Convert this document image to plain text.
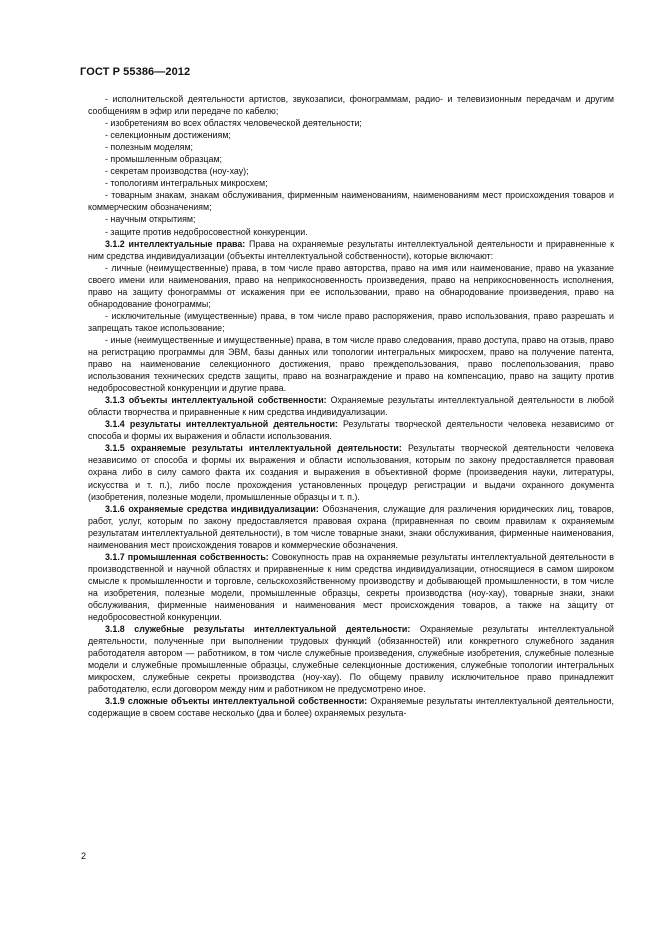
ГОСТ Р 55386—2012

- исполнительской деятельности артистов, звукозаписи, фонограммам, радио- и телевизионным передачам и другим сообщениям в эфир или передаче по кабелю;

- изобретениям во всех областях человеческой деятельности;

- селекционным достижениям;

- полезным моделям;

- промышленным образцам;

- секретам производства (ноу-хау);

- топологиям интегральных микросхем;

- товарным знакам, знакам обслуживания, фирменным наименованиям, наименованиям мест происхождения товаров и коммерческим обозначениям;

- научным открытиям;

- защите против недобросовестной конкуренции.

3.1.2 интеллектуальные права: Права на охраняемые результаты интеллектуальной деятельности и приравненные к ним средства индивидуализации (объекты интеллектуальной собственности), которые включают:

- личные (неимущественные) права, в том числе право авторства, право на имя или наименование, право на указание своего имени или наименования, право на неприкосновенность произведения, право на неприкосновенность исполнения, право на защиту фонограммы от искажения при ее использовании, право на обнародование произведения, право на обнародование фонограммы;

- исключительные (имущественные) права, в том числе право распоряжения, право использования, право разрешать и запрещать такое использование;

- иные (неимущественные и имущественные) права, в том числе право следования, право доступа, право на отзыв, право на регистрацию программы для ЭВМ, базы данных или топологии интегральных микросхем, право на получение патента, право на наименование селекционного достижения, право преждепользования, право послепользования, право использования технических средств защиты, право на вознаграждение и право на компенсацию, право на защиту против недобросовестной конкуренции и другие права.

3.1.3 объекты интеллектуальной собственности: Охраняемые результаты интеллектуальной деятельности в любой области творчества и приравненные к ним средства индивидуализации.

3.1.4 результаты интеллектуальной деятельности: Результаты творческой деятельности человека независимо от способа и формы их выражения и области использования.

3.1.5 охраняемые результаты интеллектуальной деятельности: Результаты творческой деятельности человека независимо от способа и формы их выражения и области использования, которым по закону предоставляется правовая охрана либо в силу самого факта их создания и выражения в объективной форме (произведения науки, литературы, искусства и т. п.), либо после прохождения установленных процедур регистрации и выдачи охранного документа (изобретения, полезные модели, промышленные образцы и т. п.).

3.1.6 охраняемые средства индивидуализации: Обозначения, служащие для различения юридических лиц, товаров, работ, услуг, которым по закону предоставляется правовая охрана (приравненная по своим правилам к охраняемым результатам интеллектуальной деятельности), в том числе товарные знаки, знаки обслуживания, фирменные наименования, наименования мест происхождения товаров и коммерческие обозначения.

3.1.7 промышленная собственность: Совокупность прав на охраняемые результаты интеллектуальной деятельности в производственной и научной областях и приравненные к ним средства индивидуализации, относящиеся в самом широком смысле к промышленности и торговле, сельскохозяйственному производству и добывающей промышленности, в том числе на изобретения, полезные модели, промышленные образцы, секреты производства (ноу-хау), товарные знаки, знаки обслуживания, фирменные наименования и наименования мест происхождения товаров, а также на защиту от недобросовестной конкуренции.

3.1.8 служебные результаты интеллектуальной деятельности: Охраняемые результаты интеллектуальной деятельности, полученные при выполнении трудовых функций (обязанностей) или конкретного служебного задания работодателя автором — работником, в том числе служебные произведения, служебные изобретения, служебные полезные модели и служебные промышленные образцы, служебные селекционные достижения, служебные топологии интегральных микросхем, служебные секреты производства (ноу-хау). По общему правилу исключительное право принадлежит работодателю, если договором между ним и работником не предусмотрено иное.

3.1.9 сложные объекты интеллектуальной собственности: Охраняемые результаты интеллектуальной деятельности, содержащие в своем составе несколько (два и более) охраняемых результа-

2
